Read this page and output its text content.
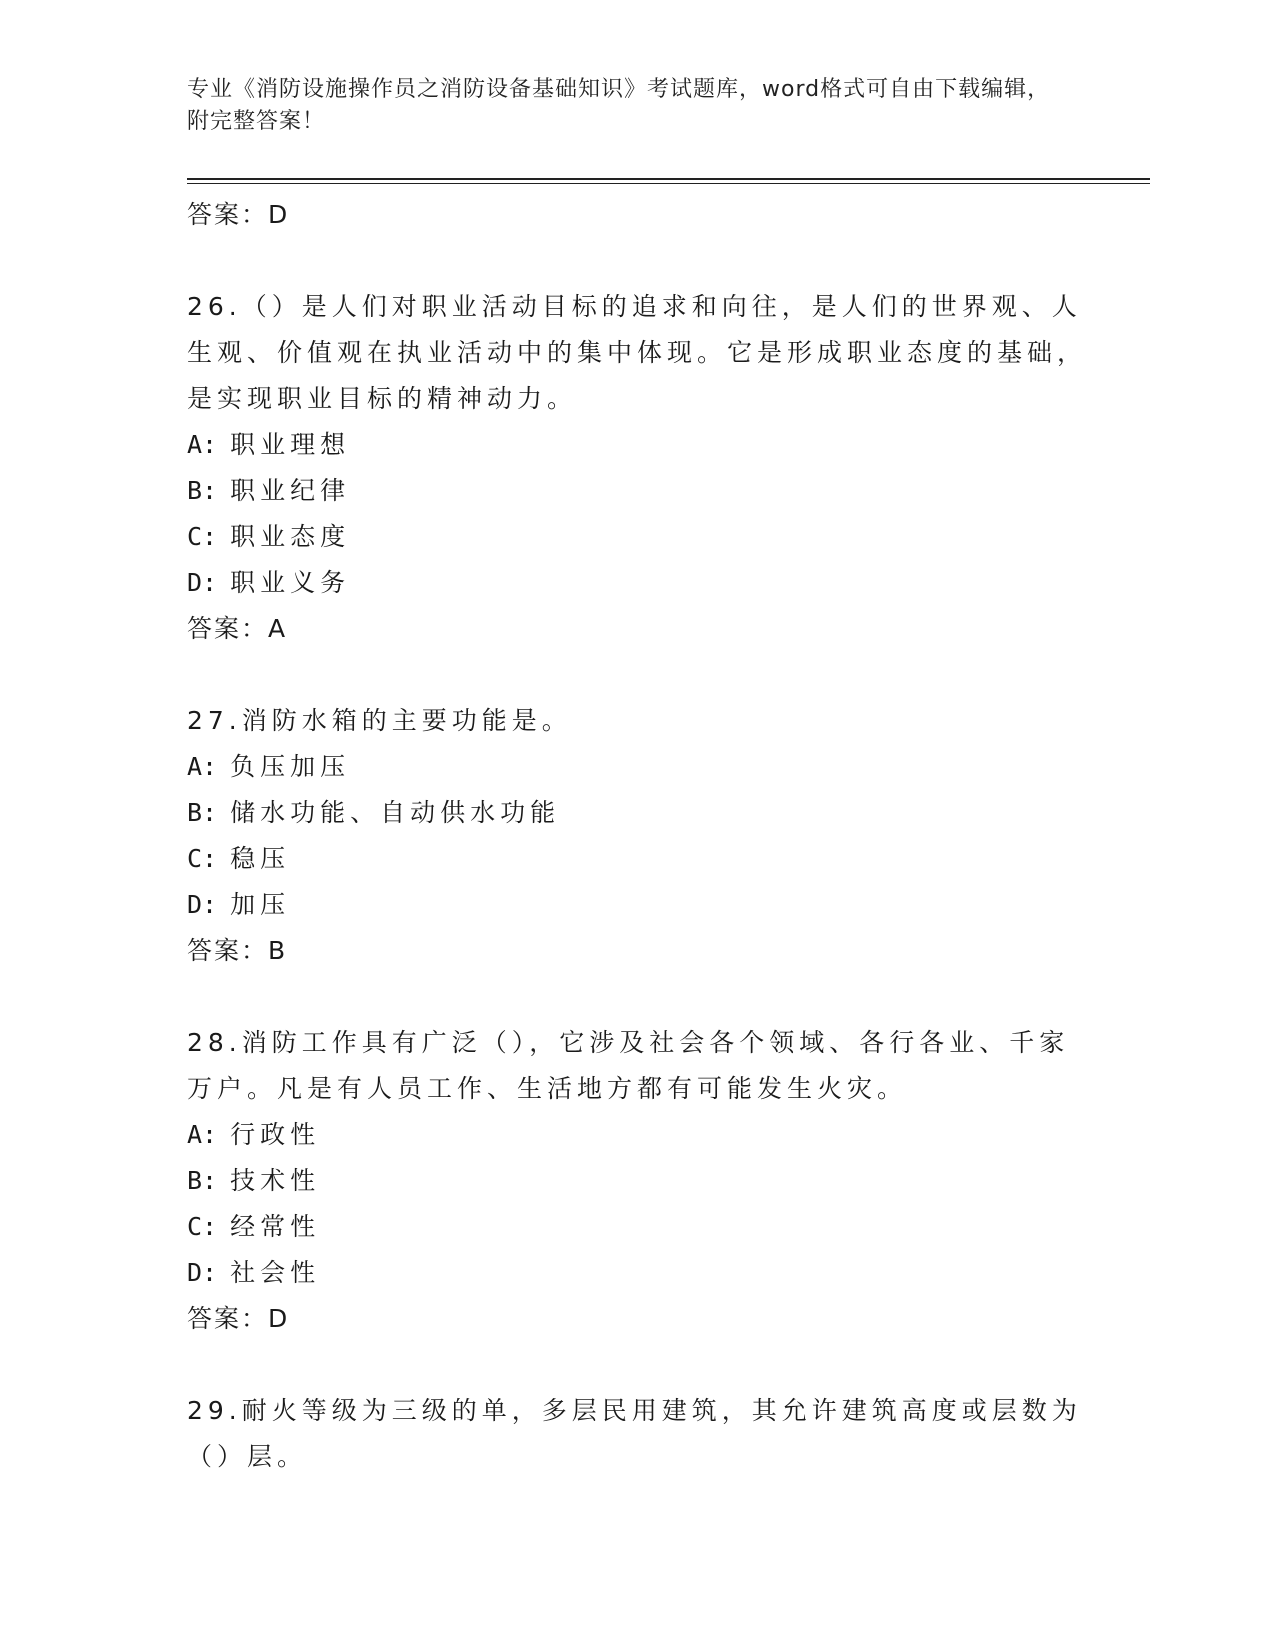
专业《消防设施操作员之消防设备基础知识》考试题库，word格式可自由下载编辑，附完整答案！
答案：D
26.（）是人们对职业活动目标的追求和向往，是人们的世界观、人生观、价值观在执业活动中的集中体现。它是形成职业态度的基础，是实现职业目标的精神动力。
A: 职业理想
B: 职业纪律
C: 职业态度
D: 职业义务
答案：A
27.消防水箱的主要功能是。
A: 负压加压
B: 储水功能、自动供水功能
C: 稳压
D: 加压
答案：B
28.消防工作具有广泛（），它涉及社会各个领域、各行各业、千家万户。凡是有人员工作、生活地方都有可能发生火灾。
A: 行政性
B: 技术性
C: 经常性
D: 社会性
答案：D
29.耐火等级为三级的单，多层民用建筑，其允许建筑高度或层数为（）层。
